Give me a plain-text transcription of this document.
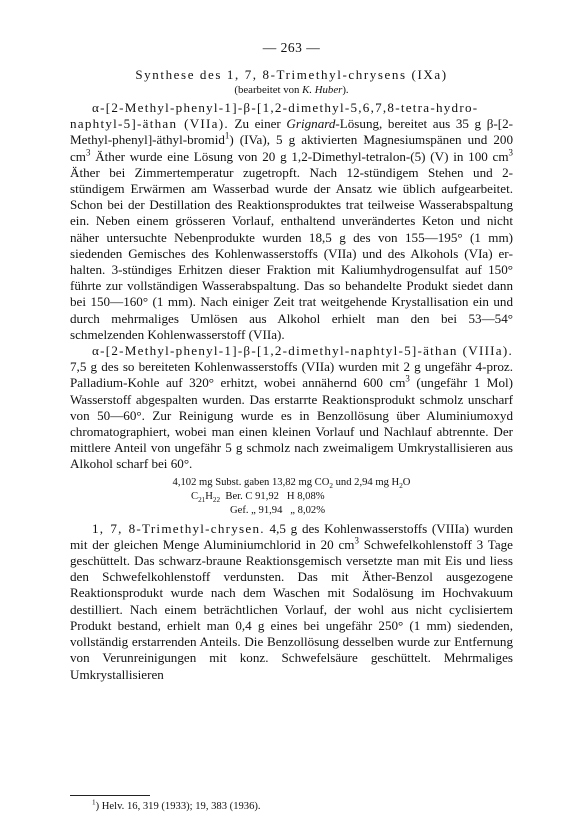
— 263 —
Synthese des 1, 7, 8-Trimethyl-chrysens (IXa)
(bearbeitet von K. Huber).

α-[2-Methyl-phenyl-1]-β-[1,2-dimethyl-5,6,7,8-tetra-hydro-naphtyl-5]-äthan (VIIa). Zu einer Grignard-Lösung, bereitet aus 35 g β-[2-Methyl-phenyl]-äthyl-bromid$^1$) (IVa), 5 g aktivierten Magnesiumspänen und 200 $cm^3$ Äther wurde eine Lösung von 20 g 1,2-Dimethyl-tetralon-(5) (V) in 100 $cm^3$ Äther bei Zimmertemperatur zugetropft. Nach 12-stündigem Stehen und 2-stündigem Erwärmen am Wasserbad wurde der Ansatz wie üblich aufgearbeitet. Schon bei der Destillation des Reaktionsproduktes trat teilweise Wasserabspaltung ein. Neben einem grösseren Vorlauf, enthaltend unverändertes Keton und nicht näher untersuchte Nebenprodukte wurden 18,5 g des von 155—195° (1 mm) siedenden Gemisches des Kohlenwasserstoffs (VIIa) und des Alkohols (VIa) erhalten. 3-stündiges Erhitzen dieser Fraktion mit Kaliumhydrogensulfat auf 150° führte zur vollständigen Wasserabspaltung. Das so behandelte Produkt siedet dann bei 150—160° (1 mm). Nach einiger Zeit trat weitgehende Krystallisation ein und durch mehrmaliges Umlösen aus Alkohol erhielt man den bei 53—54° schmelzenden Kohlenwasserstoff (VIIa).

α-[2-Methyl-phenyl-1]-β-[1,2-dimethyl-naphtyl-5]-äthan (VIIIa). 7,5 g des so bereiteten Kohlenwasserstoffs (VIIa) wurden mit 2 g ungefähr 4-proz. Palladium-Kohle auf 320° erhitzt, wobei annähernd 600 $cm^3$ (ungefähr 1 Mol) Wasserstoff abgespalten wurden. Das erstarrte Reaktionsprodukt schmolz unscharf von 50—60°. Zur Reinigung wurde es in Benzollösung über Aluminiumoxyd chromatographiert, wobei man einen kleinen Vorlauf und Nachlauf abtrennte. Der mittlere Anteil von ungefähr 5 g schmolz nach zweimaligem Umkrystallisieren aus Alkohol scharf bei 60°.

4,102 mg Subst. gaben 13,82 mg $CO_2$ und 2,94 mg $H_2O$
$C_{21}H_{22}$ Ber. C 91,92   H 8,08%
Gef. „ 91,94   „ 8,02%

1, 7, 8-Trimethyl-chrysen. 4,5 g des Kohlenwasserstoffs (VIIIa) wurden mit der gleichen Menge Aluminiumchlorid in 20 $cm^3$ Schwefelkohlenstoff 3 Tage geschüttelt. Das schwarz-braune Reaktionsgemisch versetzte man mit Eis und liess den Schwefelkohlenstoff verdunsten. Das mit Äther-Benzol ausgezogene Reaktionsprodukt wurde nach dem Waschen mit Sodalösung im Hochvakuum destilliert. Nach einem beträchtlichen Vorlauf, der wohl aus nicht cyclisiertem Produkt bestand, erhielt man 0,4 g eines bei ungefähr 250° (1 mm) siedenden, vollständig erstarrenden Anteils. Die Benzollösung desselben wurde zur Entfernung von Verunreinigungen mit konz. Schwefelsäure geschüttelt. Mehrmaliges Umkrystallisieren

$^1$) Helv. 16, 319 (1933); 19, 383 (1936).
